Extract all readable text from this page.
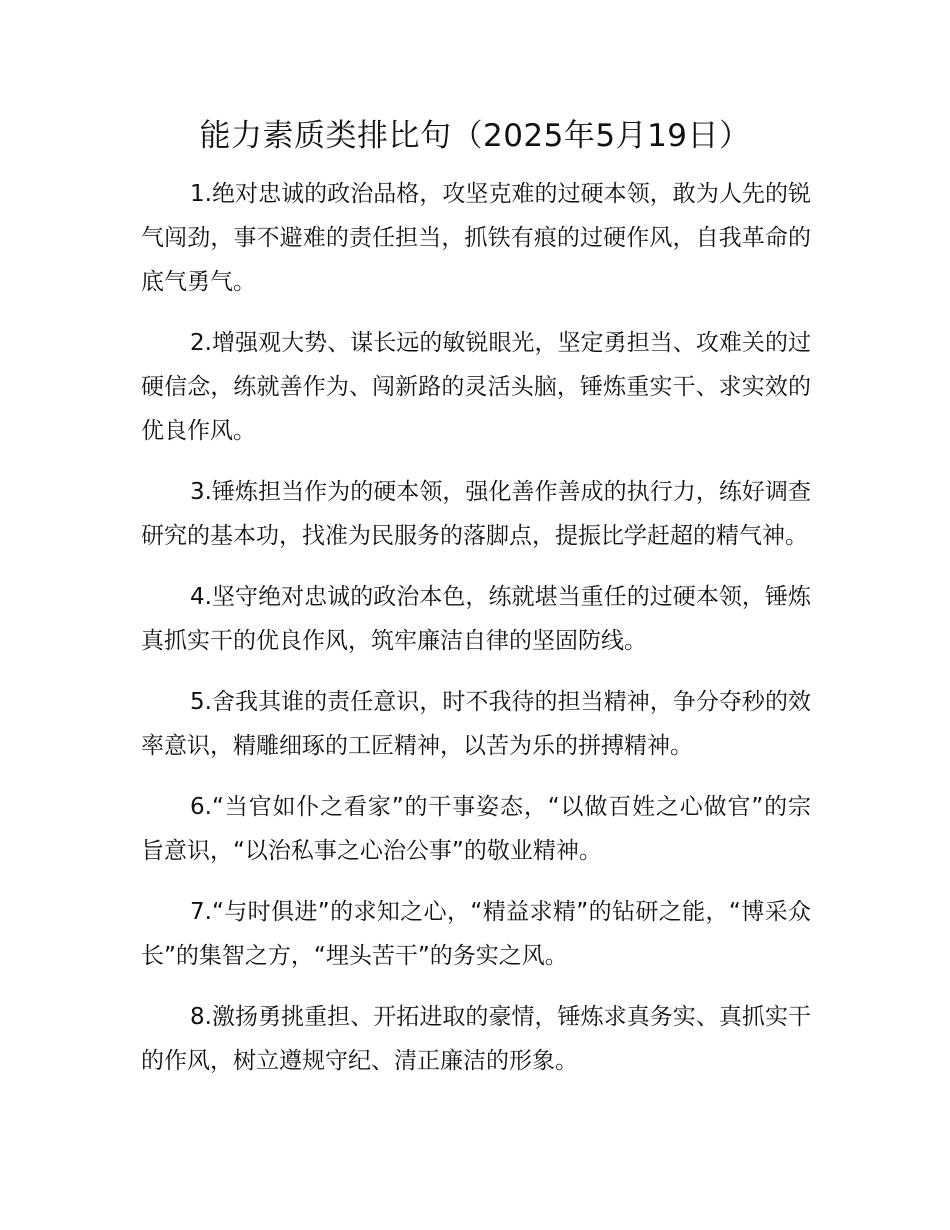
能力素质类排比句（2025年5月19日）

1.绝对忠诚的政治品格，攻坚克难的过硬本领，敢为人先的锐气闯劲，事不避难的责任担当，抓铁有痕的过硬作风，自我革命的底气勇气。

2.增强观大势、谋长远的敏锐眼光，坚定勇担当、攻难关的过硬信念，练就善作为、闯新路的灵活头脑，锤炼重实干、求实效的优良作风。

3.锤炼担当作为的硬本领，强化善作善成的执行力，练好调查研究的基本功，找准为民服务的落脚点，提振比学赶超的精气神。

4.坚守绝对忠诚的政治本色，练就堪当重任的过硬本领，锤炼真抓实干的优良作风，筑牢廉洁自律的坚固防线。

5.舍我其谁的责任意识，时不我待的担当精神，争分夺秒的效率意识，精雕细琢的工匠精神，以苦为乐的拼搏精神。

6.“当官如仆之看家”的干事姿态，“以做百姓之心做官”的宗旨意识，“以治私事之心治公事”的敬业精神。

7.“与时俱进”的求知之心，“精益求精”的钻研之能，“博采众长”的集智之方，“埋头苦干”的务实之风。

8.激扬勇挑重担、开拓进取的豪情，锤炼求真务实、真抓实干的作风，树立遵规守纪、清正廉洁的形象。
